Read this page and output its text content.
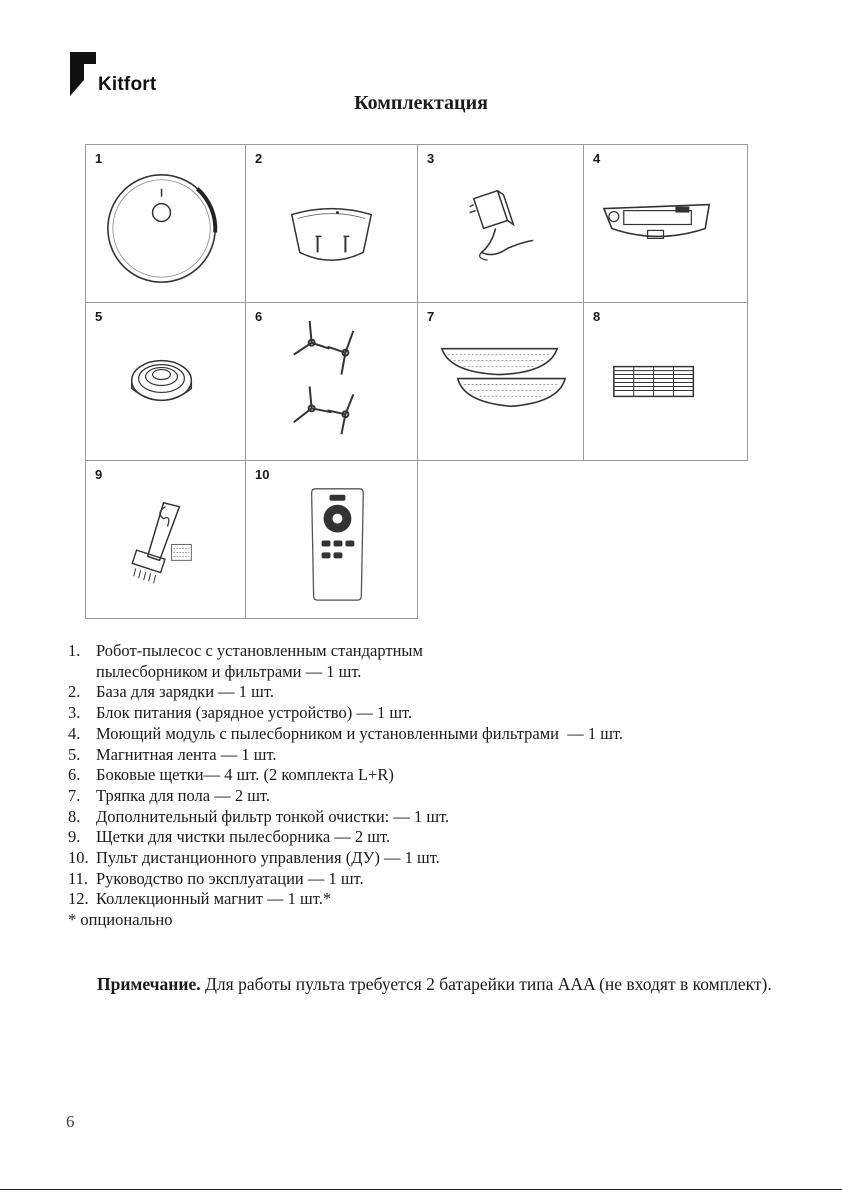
Kitfort
Комплектация
1	2	3	4
5	6	7	8
9	10
1. Робот-пылесос с установленным стандартным пылесборником и фильтрами — 1 шт.
2. База для зарядки — 1 шт.
3. Блок питания (зарядное устройство) — 1 шт.
4. Моющий модуль с пылесборником и установленными фильтрами  — 1 шт.
5. Магнитная лента — 1 шт.
6. Боковые щетки— 4 шт. (2 комплекта L+R)
7. Тряпка для пола — 2 шт.
8. Дополнительный фильтр тонкой очистки: — 1 шт.
9. Щетки для чистки пылесборника — 2 шт.
10. Пульт дистанционного управления (ДУ) — 1 шт.
11. Руководство по эксплуатации — 1 шт.
12. Коллекционный магнит — 1 шт.*
* опционально

Примечание. Для работы пульта требуется 2 батарейки типа AAA (не входят в комплект).

6
